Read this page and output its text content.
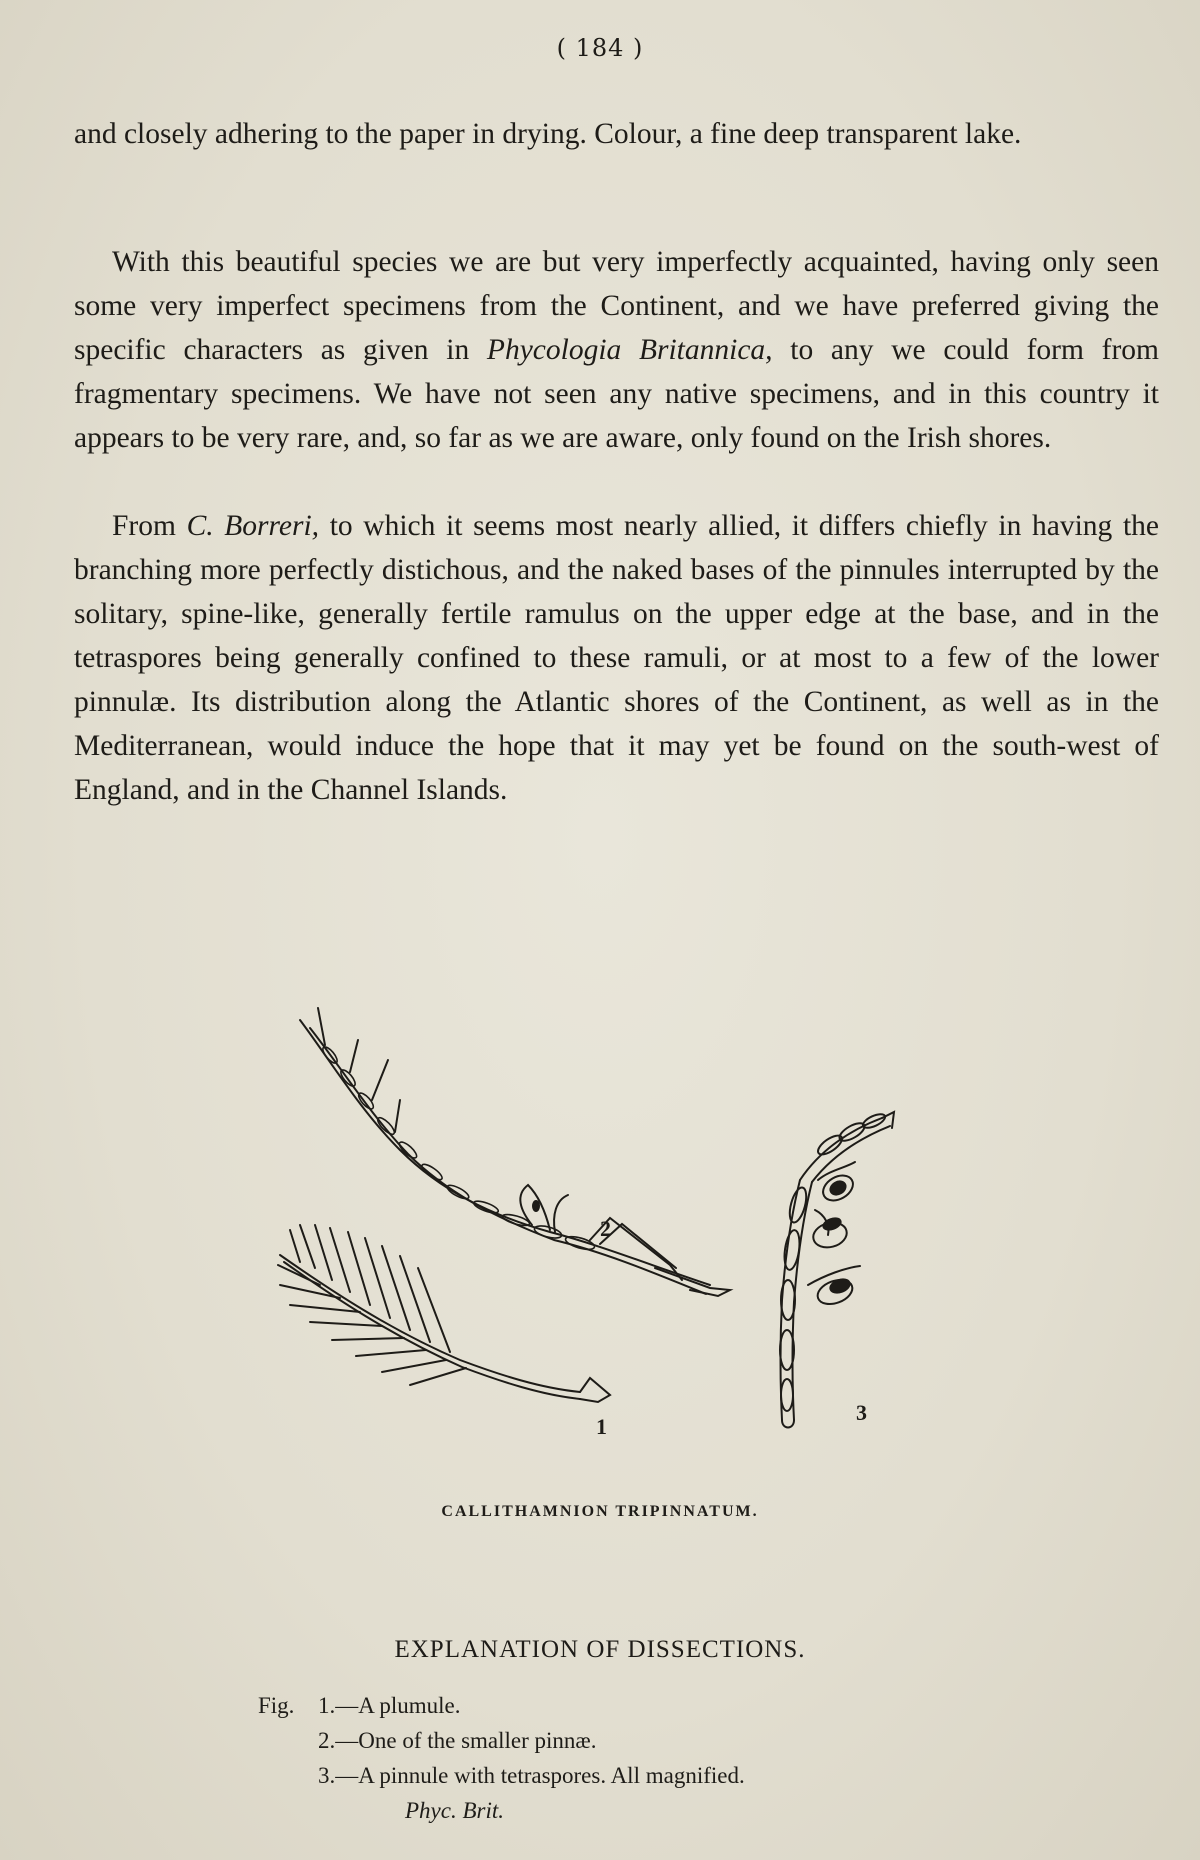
( 184 )

and closely adhering to the paper in drying. Colour, a fine deep transparent lake.

With this beautiful species we are but very imperfectly acquainted, having only seen some very imperfect specimens from the Continent, and we have preferred giving the specific characters as given in Phycologia Britannica, to any we could form from fragmentary specimens. We have not seen any native specimens, and in this country it appears to be very rare, and, so far as we are aware, only found on the Irish shores.

From C. Borreri, to which it seems most nearly allied, it differs chiefly in having the branching more perfectly distichous, and the naked bases of the pinnules interrupted by the solitary, spine-like, generally fertile ramulus on the upper edge at the base, and in the tetraspores being generally confined to these ramuli, or at most to a few of the lower pinnulæ. Its distribution along the Atlantic shores of the Continent, as well as in the Mediterranean, would induce the hope that it may yet be found on the south-west of England, and in the Channel Islands.

2
1
3
CALLITHAMNION TRIPINNATUM.
EXPLANATION OF DISSECTIONS.
Fig. 1.—A plumule.
2.—One of the smaller pinnæ.
3.—A pinnule with tetraspores. All magnified.
Phyc. Brit.
